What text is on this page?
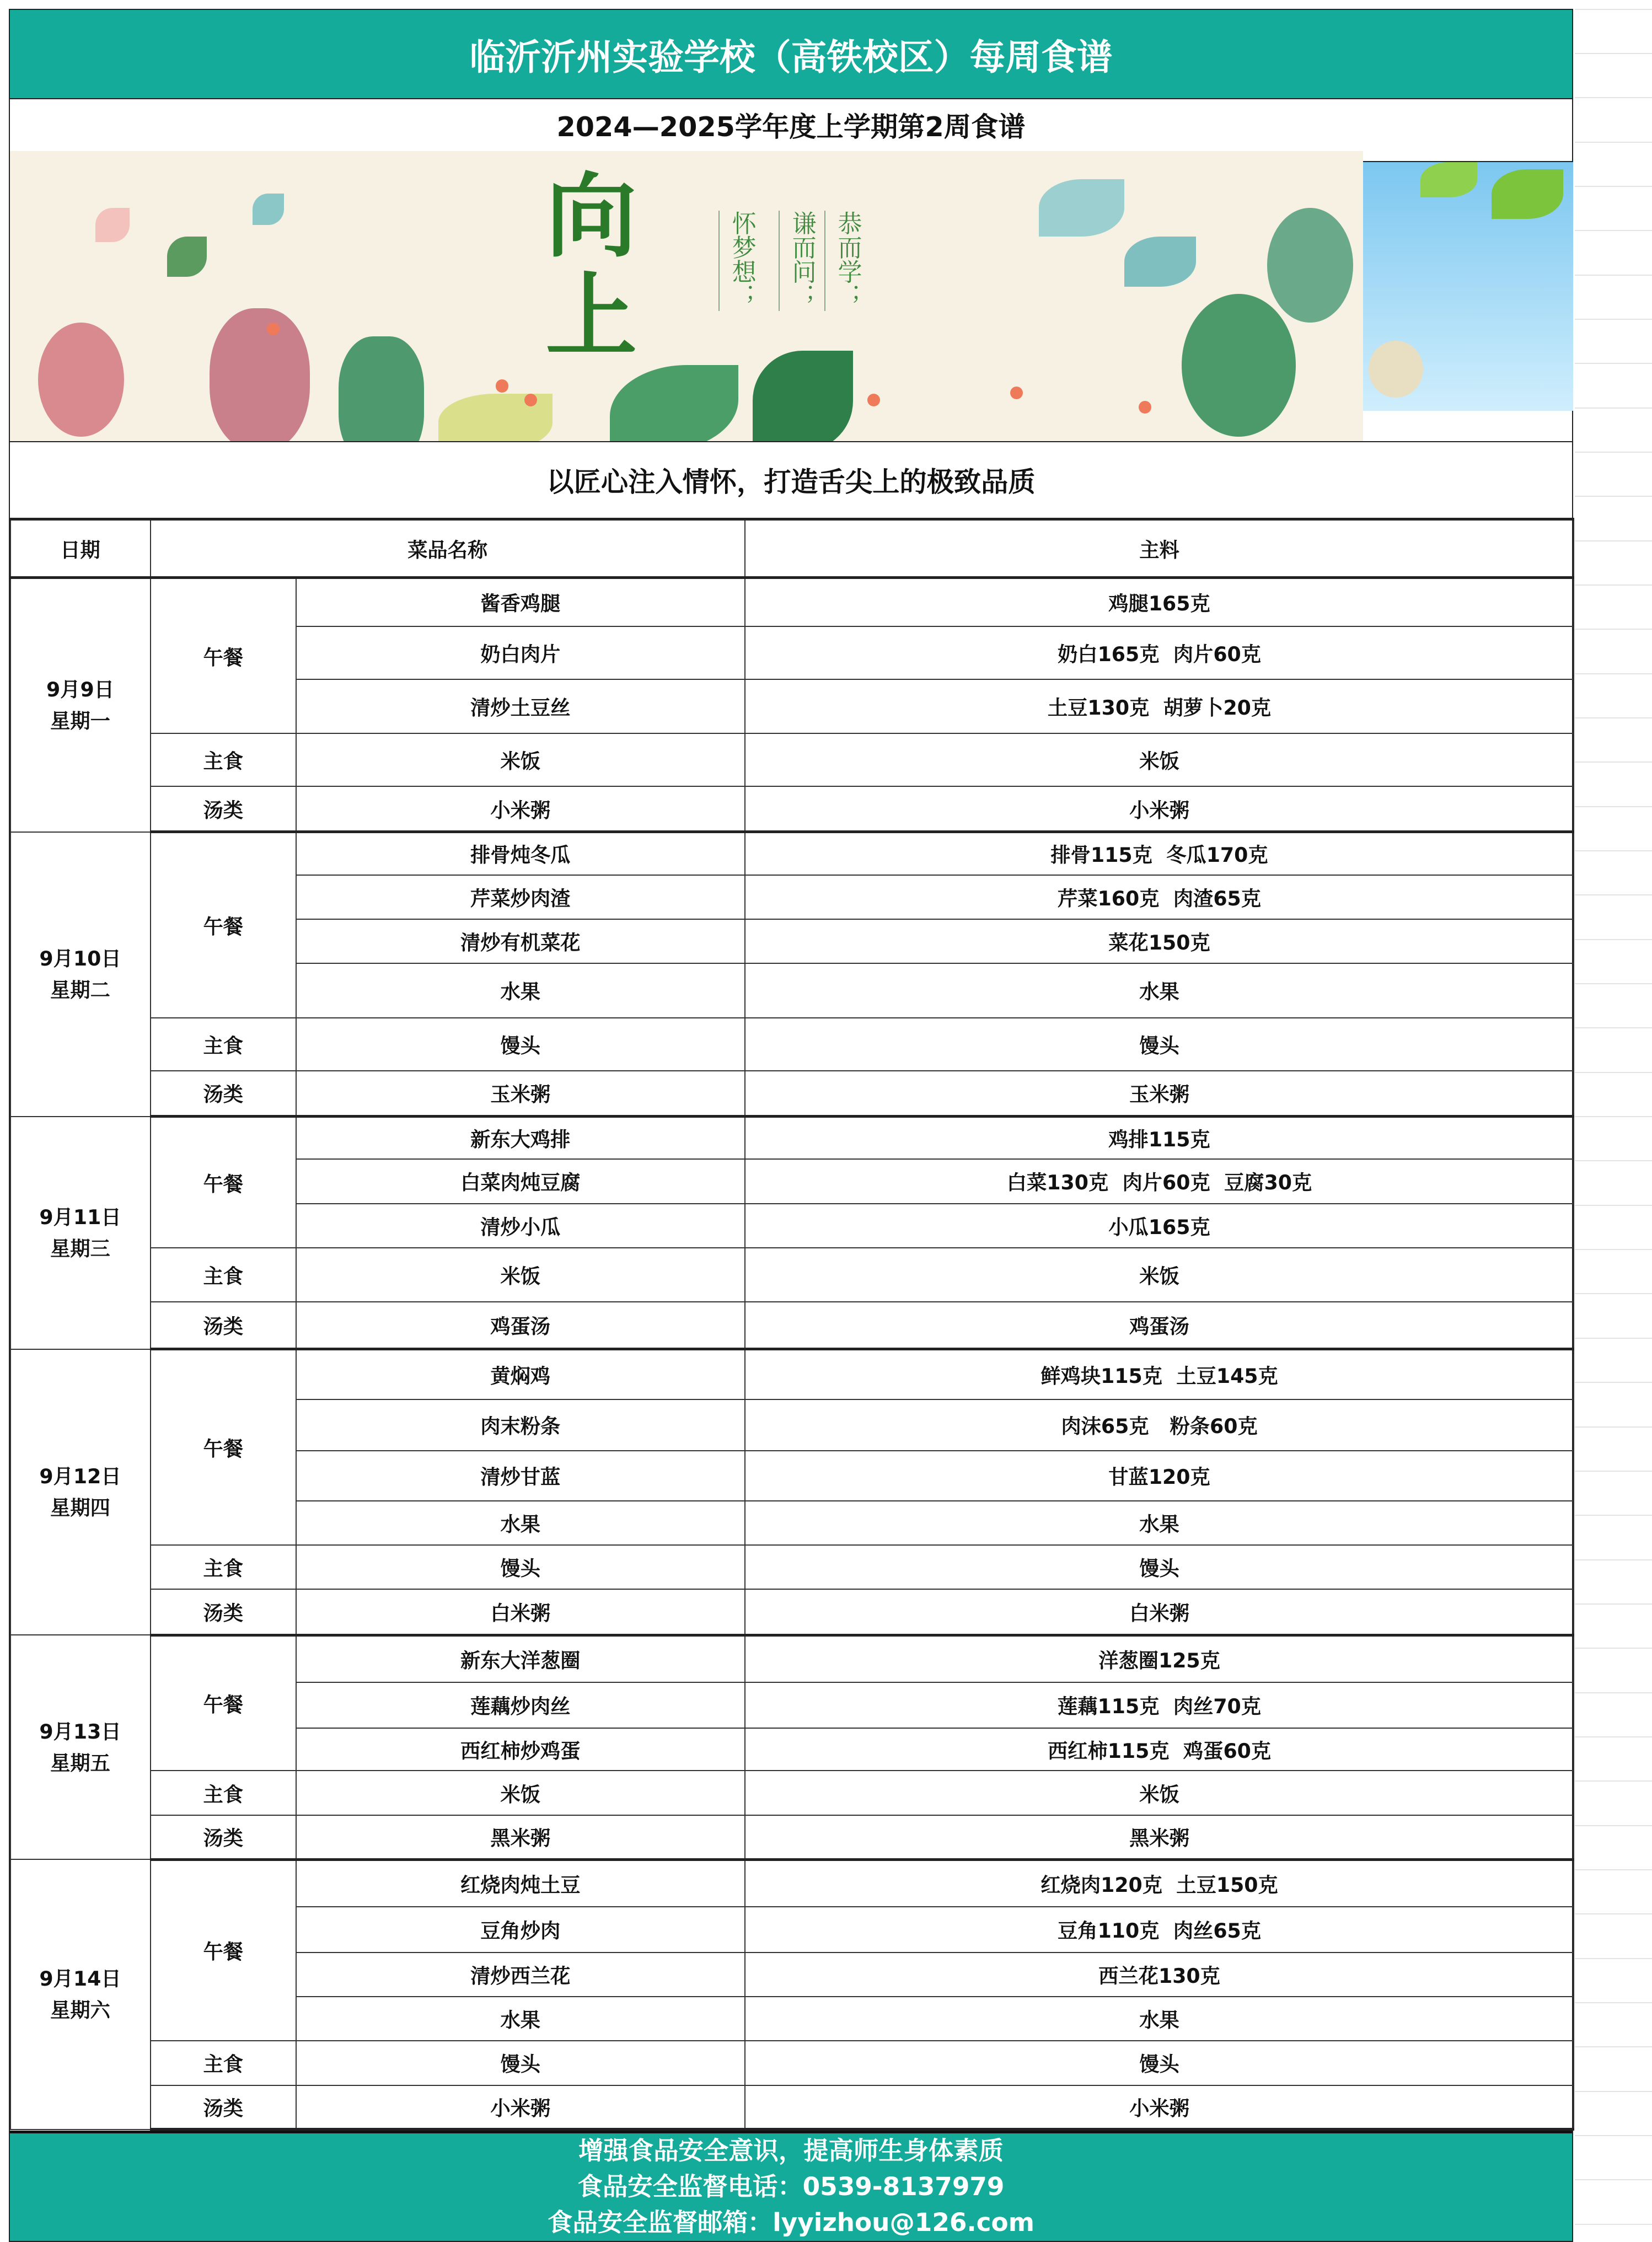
临沂沂州实验学校（高铁校区）每周食谱
2024—2025学年度上学期第2周食谱
向
上
恭而学；
谦而问；
怀梦想；
以匠心注入情怀，打造舌尖上的极致品质
日期	菜品名称		主料

9月9日
星期一	午餐	酱香鸡腿	鸡腿165克
		奶白肉片	奶白165克  肉片60克
		清炒土豆丝	土豆130克  胡萝卜20克
	主食	米饭	米饭
	汤类	小米粥	小米粥

9月10日
星期二	午餐	排骨炖冬瓜	排骨115克  冬瓜170克
		芹菜炒肉渣	芹菜160克  肉渣65克
		清炒有机菜花	菜花150克
		水果	水果
	主食	馒头	馒头
	汤类	玉米粥	玉米粥

9月11日
星期三	午餐	新东大鸡排	鸡排115克
		白菜肉炖豆腐	白菜130克  肉片60克  豆腐30克
		清炒小瓜	小瓜165克
	主食	米饭	米饭
	汤类	鸡蛋汤	鸡蛋汤

9月12日
星期四	午餐	黄焖鸡	鲜鸡块115克  土豆145克
		肉末粉条	肉沫65克   粉条60克
		清炒甘蓝	甘蓝120克
		水果	水果
	主食	馒头	馒头
	汤类	白米粥	白米粥

9月13日
星期五	午餐	新东大洋葱圈	洋葱圈125克
		莲藕炒肉丝	莲藕115克  肉丝70克
		西红柿炒鸡蛋	西红柿115克  鸡蛋60克
	主食	米饭	米饭
	汤类	黑米粥	黑米粥

9月14日
星期六	午餐	红烧肉炖土豆	红烧肉120克  土豆150克
		豆角炒肉	豆角110克  肉丝65克
		清炒西兰花	西兰花130克
		水果	水果
	主食	馒头	馒头
	汤类	小米粥	小米粥
增强食品安全意识，提高师生身体素质
食品安全监督电话：0539-8137979
食品安全监督邮箱：lyyizhou@126.com
